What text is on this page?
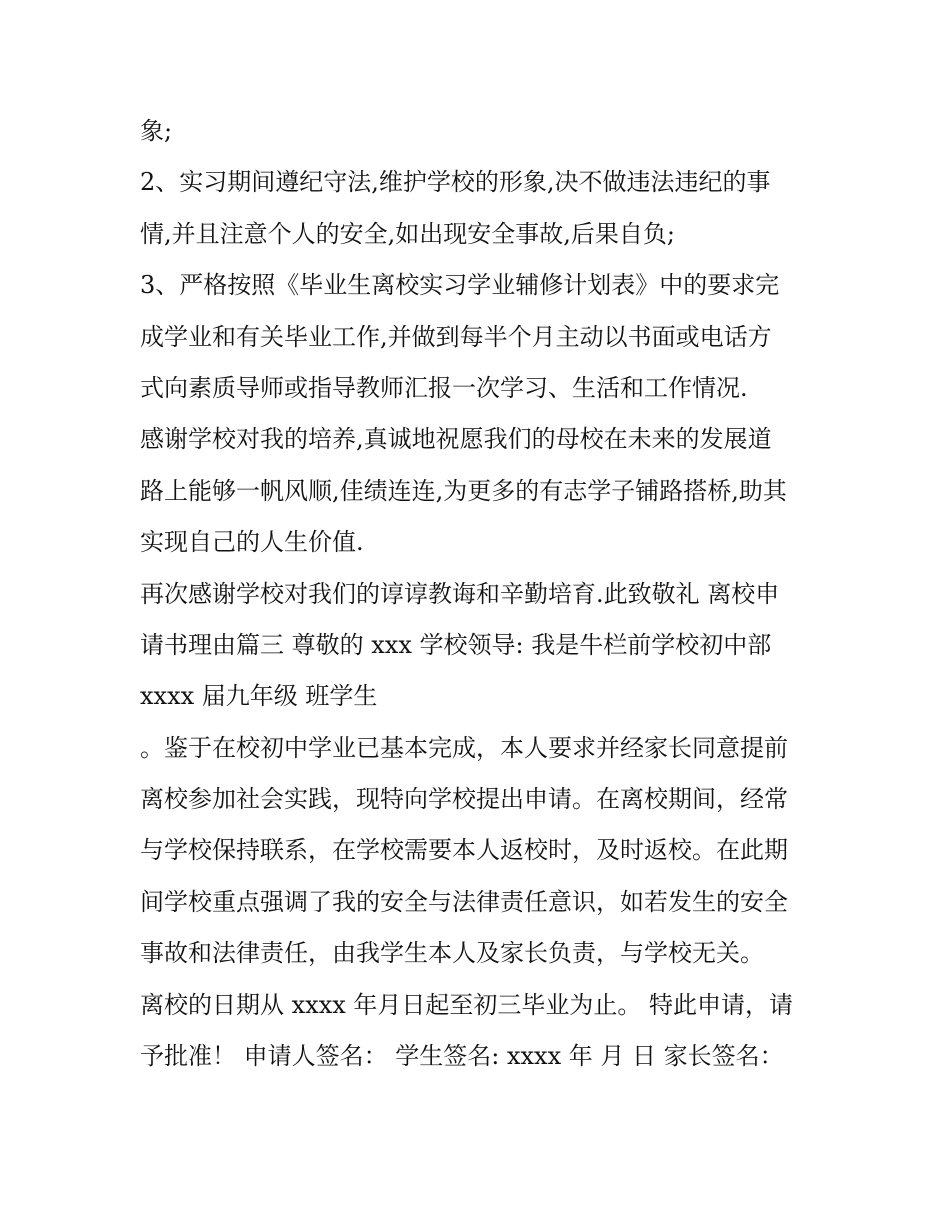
象;
2、实习期间遵纪守法,维护学校的形象,决不做违法违纪的事
情,并且注意个人的安全,如出现安全事故,后果自负;
3、严格按照《毕业生离校实习学业辅修计划表》中的要求完
成学业和有关毕业工作,并做到每半个月主动以书面或电话方
式向素质导师或指导教师汇报一次学习、生活和工作情况.
感谢学校对我的培养,真诚地祝愿我们的母校在未来的发展道
路上能够一帆风顺,佳绩连连,为更多的有志学子铺路搭桥,助其
实现自己的人生价值.
再次感谢学校对我们的谆谆教诲和辛勤培育.此致敬礼 离校申
请书理由篇三 尊敬的 xxx 学校领导: 我是牛栏前学校初中部
xxxx 届九年级 班学生
。鉴于在校初中学业已基本完成，本人要求并经家长同意提前
离校参加社会实践，现特向学校提出申请。在离校期间，经常
与学校保持联系，在学校需要本人返校时，及时返校。在此期
间学校重点强调了我的安全与法律责任意识，如若发生的安全
事故和法律责任，由我学生本人及家长负责，与学校无关。
离校的日期从 xxxx 年月日起至初三毕业为止。 特此申请，请
予批准！ 申请人签名： 学生签名: xxxx 年 月 日 家长签名：
